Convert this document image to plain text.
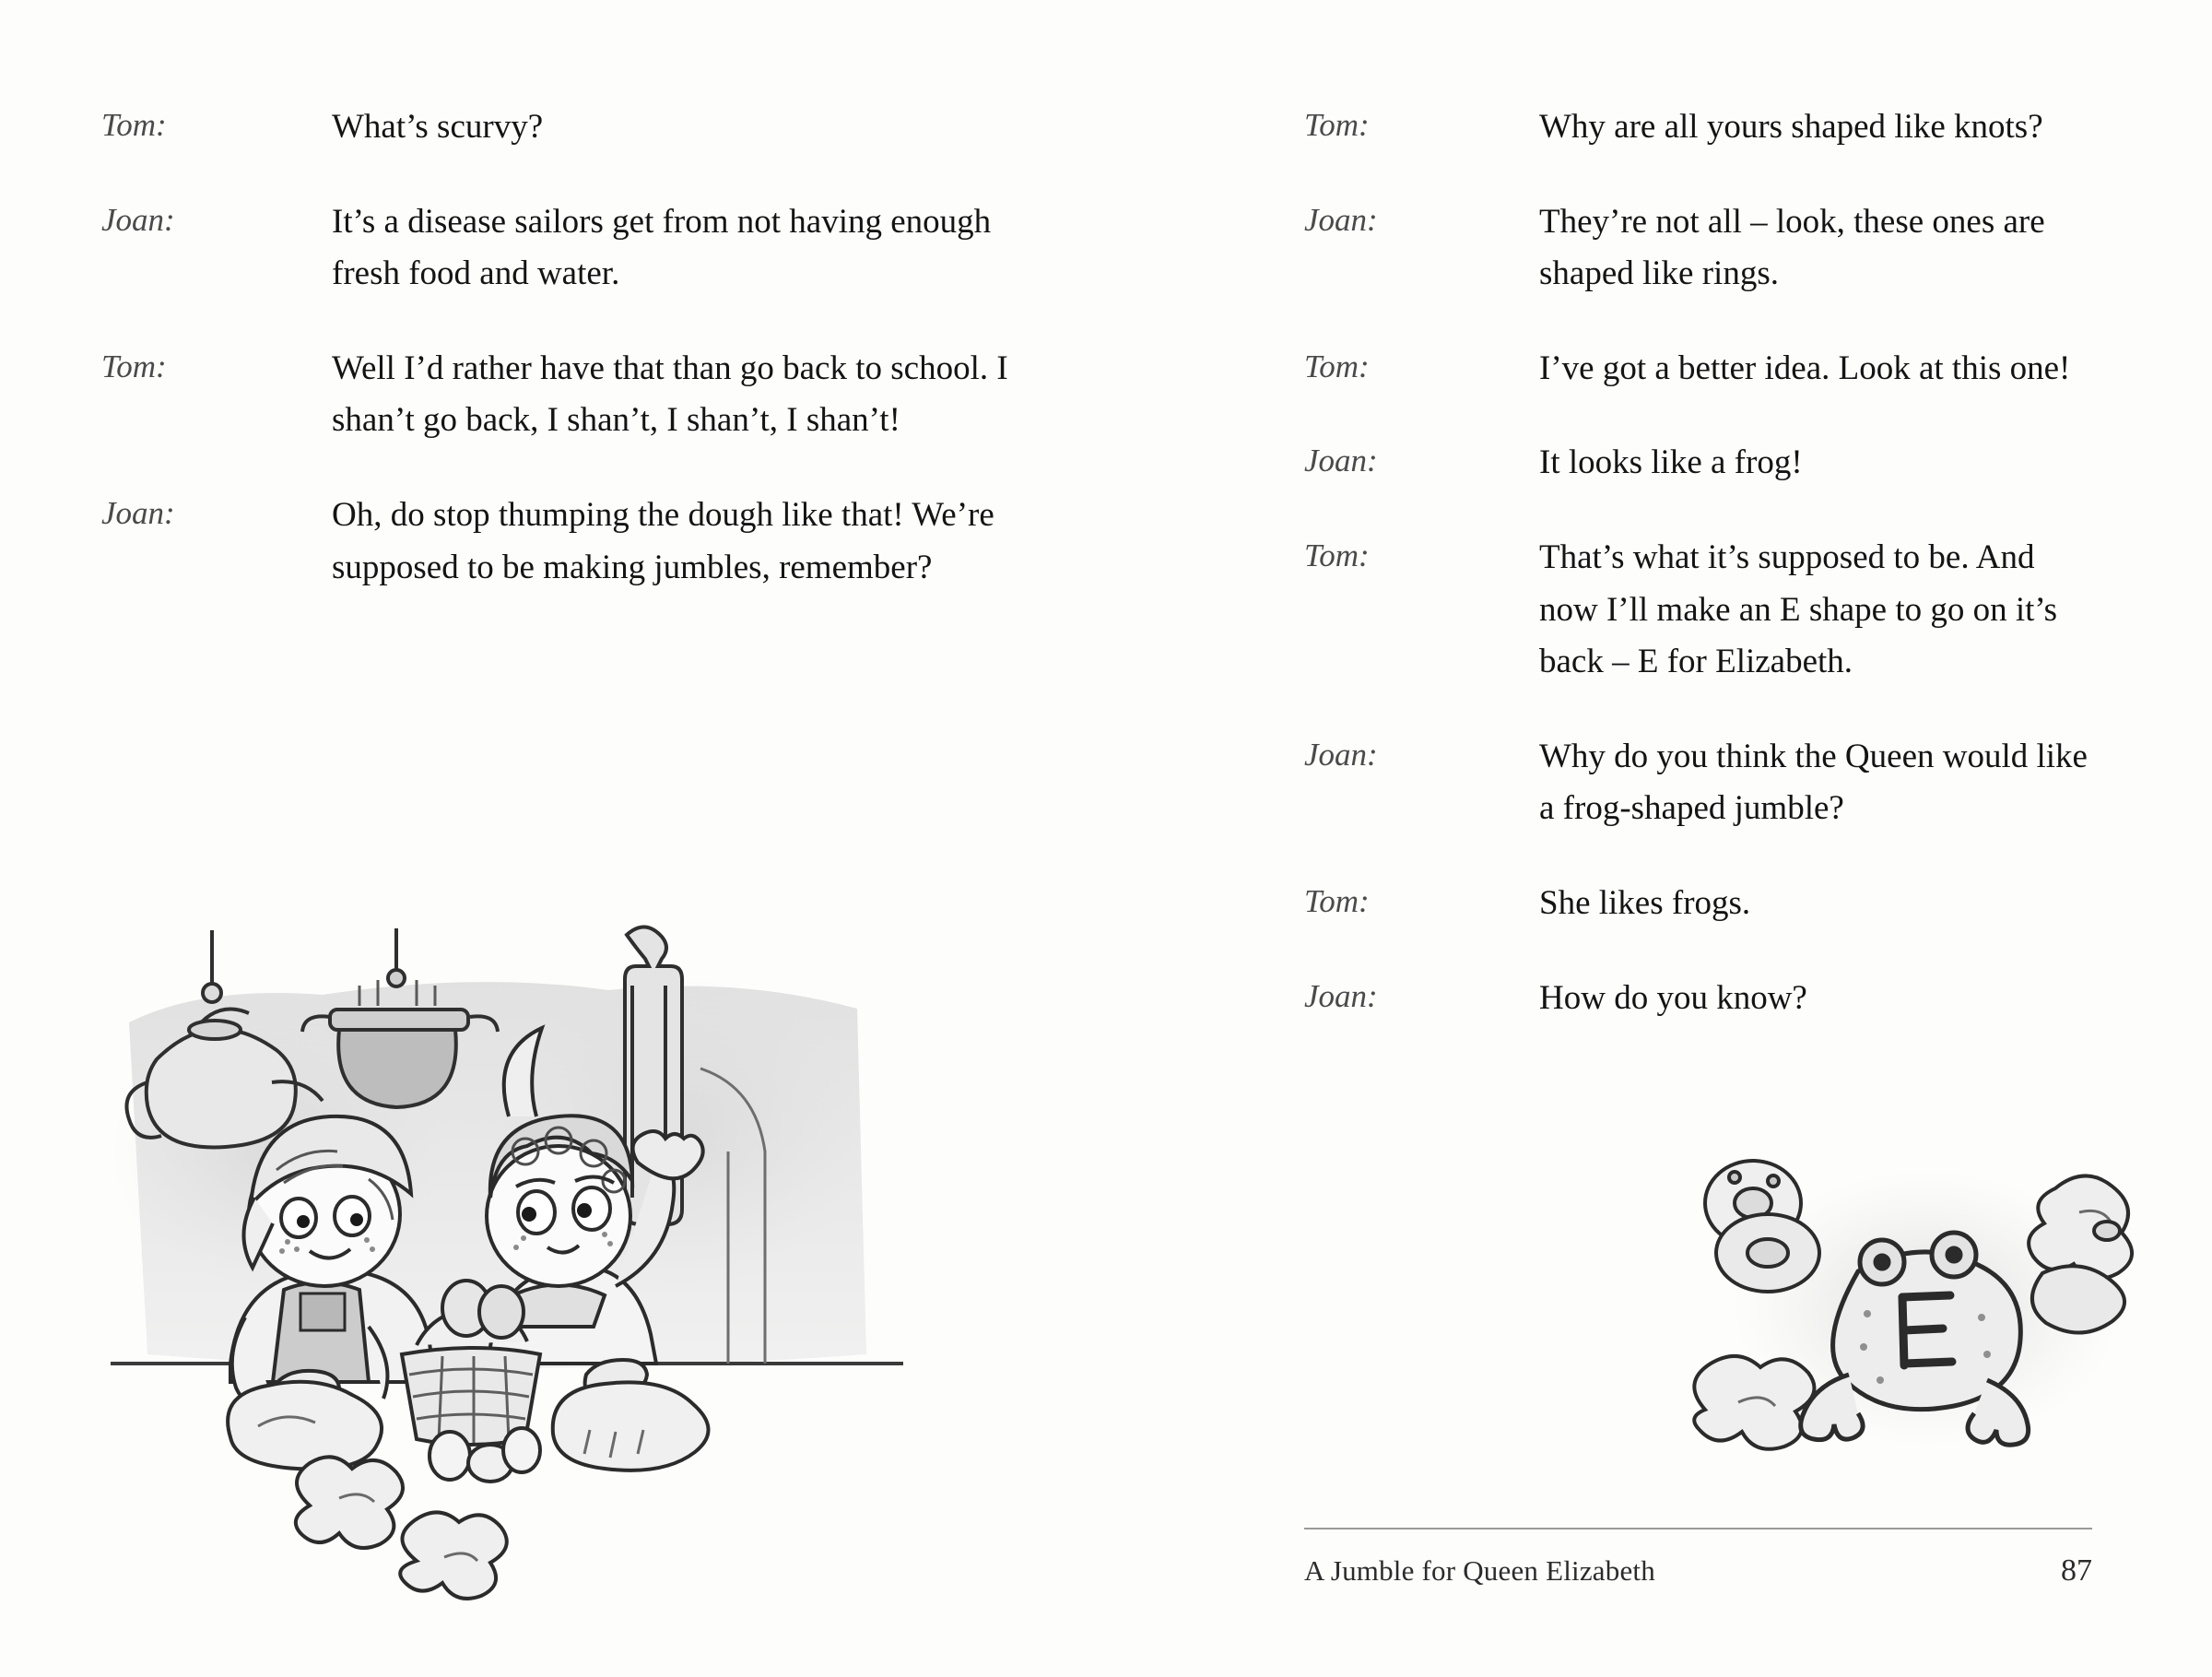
Tom:	What’s scurvy?
Joan:	It’s a disease sailors get from not having enough fresh food and water.
Tom:	Well I’d rather have that than go back to school. I shan’t go back, I shan’t, I shan’t, I shan’t!
Joan:	Oh, do stop thumping the dough like that! We’re supposed to be making jumbles, remember?
Tom:	Why are all yours shaped like knots?
Joan:	They’re not all – look, these ones are shaped like rings.
Tom:	I’ve got a better idea. Look at this one!
Joan:	It looks like a frog!
Tom:	That’s what it’s supposed to be. And now I’ll make an E shape to go on it’s back – E for Elizabeth.
Joan:	Why do you think the Queen would like a frog-shaped jumble?
Tom:	She likes frogs.
Joan:	How do you know?
A Jumble for Queen Elizabeth	87
